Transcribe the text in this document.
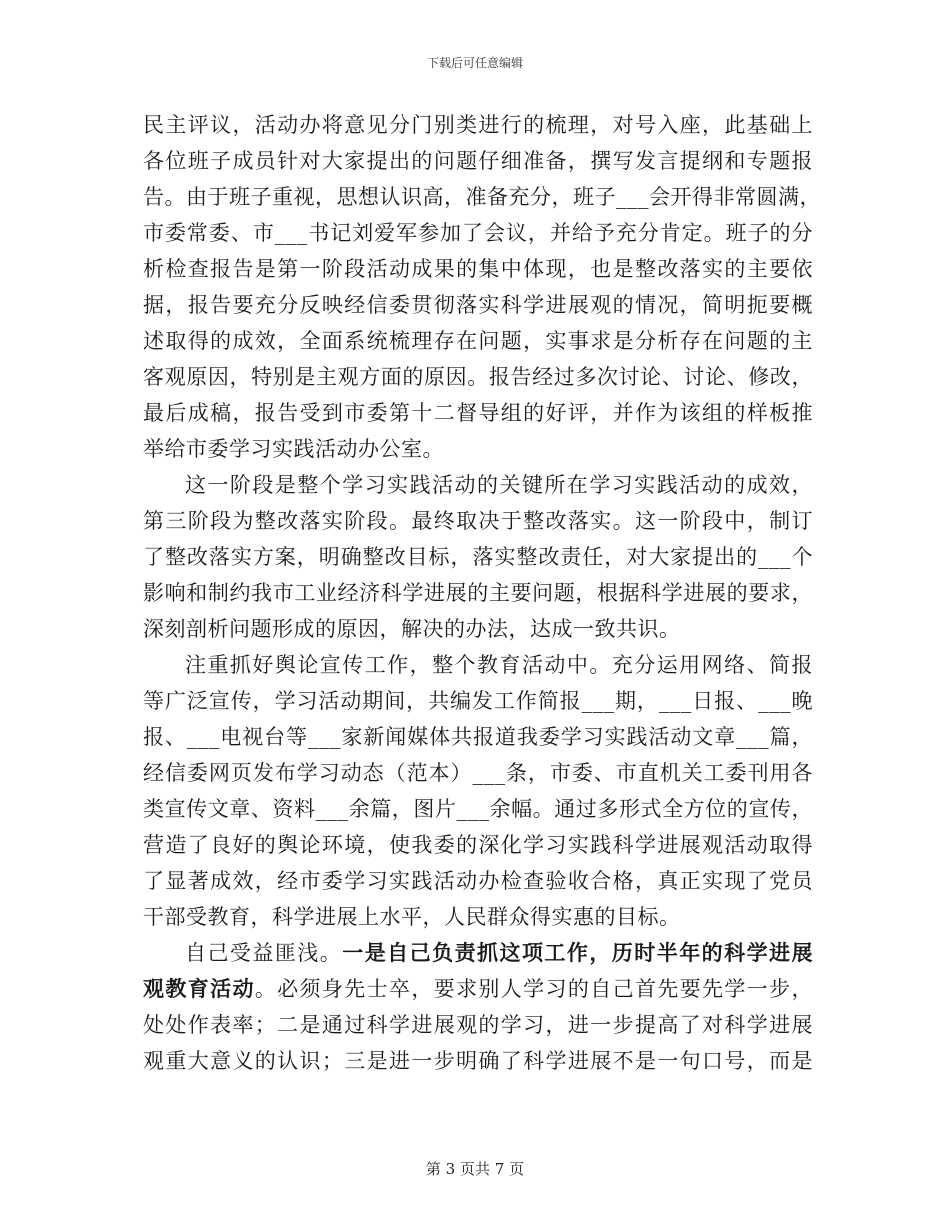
下载后可任意编辑
民主评议，活动办将意见分门别类进行的梳理，对号入座，此基础上
各位班子成员针对大家提出的问题仔细准备，撰写发言提纲和专题报
告。由于班子重视，思想认识高，准备充分，班子___会开得非常圆满，
市委常委、市___书记刘爱军参加了会议，并给予充分肯定。班子的分
析检查报告是第一阶段活动成果的集中体现，也是整改落实的主要依
据，报告要充分反映经信委贯彻落实科学进展观的情况，简明扼要概
述取得的成效，全面系统梳理存在问题，实事求是分析存在问题的主
客观原因，特别是主观方面的原因。报告经过多次讨论、讨论、修改，
最后成稿，报告受到市委第十二督导组的好评，并作为该组的样板推
举给市委学习实践活动办公室。
这一阶段是整个学习实践活动的关键所在学习实践活动的成效，
第三阶段为整改落实阶段。最终取决于整改落实。这一阶段中，制订
了整改落实方案，明确整改目标，落实整改责任，对大家提出的___个
影响和制约我市工业经济科学进展的主要问题，根据科学进展的要求，
深刻剖析问题形成的原因，解决的办法，达成一致共识。
注重抓好舆论宣传工作，整个教育活动中。充分运用网络、简报
等广泛宣传，学习活动期间，共编发工作简报___期，___日报、___晚
报、___电视台等___家新闻媒体共报道我委学习实践活动文章___篇，
经信委网页发布学习动态（范本）___条，市委、市直机关工委刊用各
类宣传文章、资料___余篇，图片___余幅。通过多形式全方位的宣传，
营造了良好的舆论环境，使我委的深化学习实践科学进展观活动取得
了显著成效，经市委学习实践活动办检查验收合格，真正实现了党员
干部受教育，科学进展上水平，人民群众得实惠的目标。
自己受益匪浅。一是自己负责抓这项工作，历时半年的科学进展
观教育活动。必须身先士卒，要求别人学习的自己首先要先学一步，
处处作表率；二是通过科学进展观的学习，进一步提高了对科学进展
观重大意义的认识；三是进一步明确了科学进展不是一句口号，而是
第 3 页共 7 页
